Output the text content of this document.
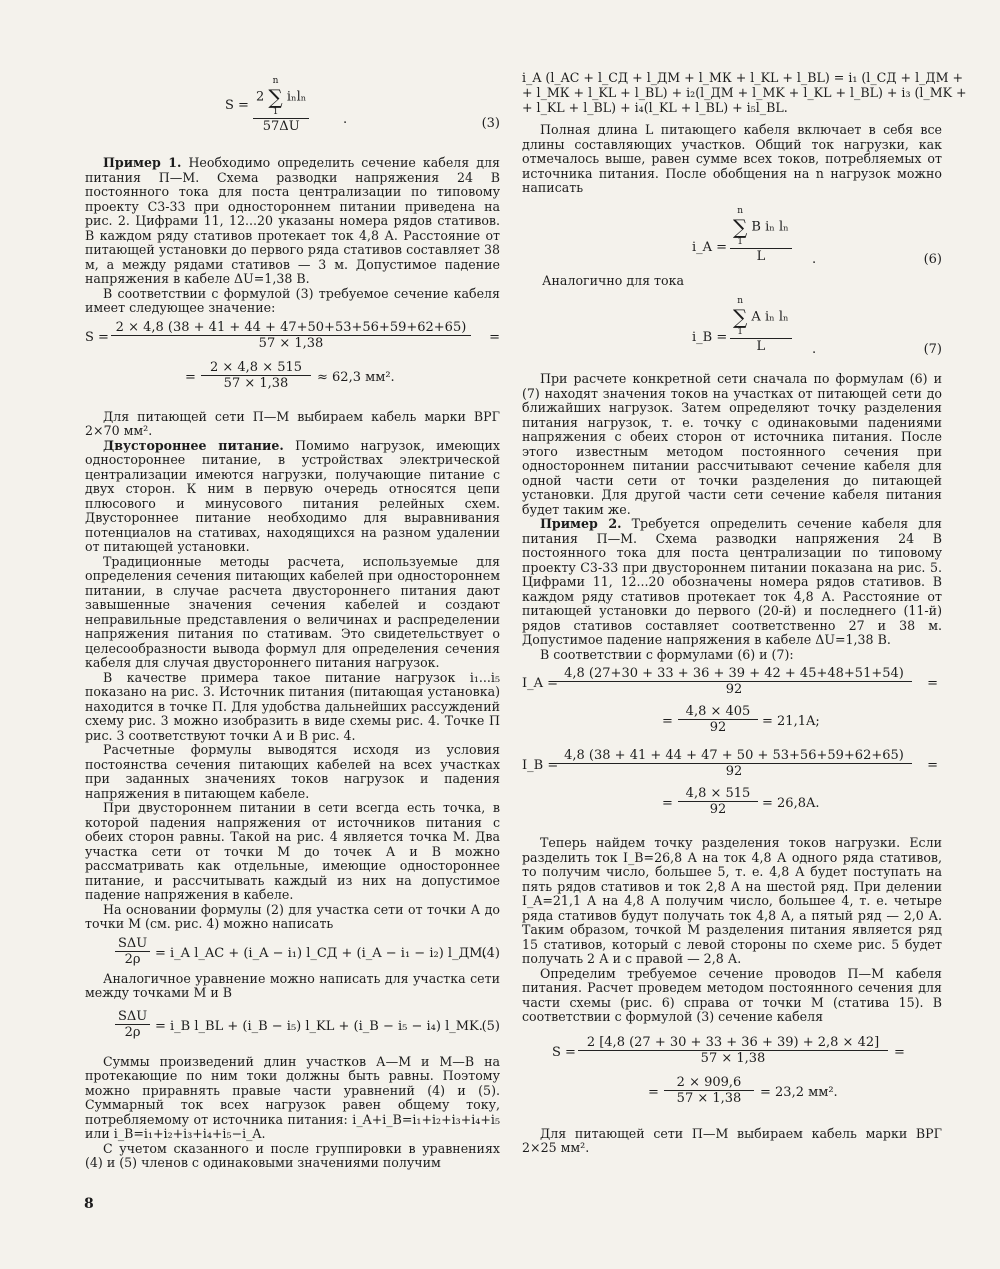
S =
2
n
∑
1
iₙlₙ
57ΔU	.	(3)

Пример 1. Необходимо определить сечение кабеля для питания П—М. Схема разводки напряжения 24 В постоянного тока для поста централизации по типовому проекту С3-33 при одностороннем питании приведена на рис. 2. Цифрами 11, 12...20 указаны номера рядов стативов. В каждом ряду стативов протекает ток 4,8 А. Расстояние от питающей установки до первого ряда стативов составляет 38 м, а между рядами стативов — 3 м. Допустимое падение напряжения в кабеле ΔU=1,38 В.

В соответствии с формулой (3) требуемое сечение кабеля имеет следующее значение:

$S = \frac{2 \times 4,8 (38 + 41 + 44 + 47+50+53+56+59+62+65)}{57 \times 1,38}$ =
= $\frac{2 \times 4,8 \times 515}{57 \times 1,38} \approx 62,3$ мм².

Для питающей сети П—М выбираем кабель марки ВРГ 2×70 мм².

Двустороннее питание. Помимо нагрузок, имеющих одностороннее питание, в устройствах электрической централизации имеются нагрузки, получающие питание с двух сторон. К ним в первую очередь относятся цепи плюсового и минусового питания релейных схем. Двустороннее питание необходимо для выравнивания потенциалов на стативах, находящихся на разном удалении от питающей установки.

Традиционные методы расчета, используемые для определения сечения питающих кабелей при одностороннем питании, в случае расчета двустороннего питания дают завышенные значения сечения кабелей и создают неправильные представления о величинах и распределении напряжения питания по стативам. Это свидетельствует о целесообразности вывода формул для определения сечения кабеля для случая двустороннего питания нагрузок.

В качестве примера такое питание нагрузок i₁...i₅ показано на рис. 3. Источник питания (питающая установка) находится в точке П. Для удобства дальнейших рассуждений схему рис. 3 можно изобразить в виде схемы рис. 4. Точке П рис. 3 соответствуют точки А и В рис. 4.

Расчетные формулы выводятся исходя из условия постоянства сечения питающих кабелей на всех участках при заданных значениях токов нагрузок и падения напряжения в питающем кабеле.

При двустороннем питании в сети всегда есть точка, в которой падения напряжения от источников питания с обеих сторон равны. Такой на рис. 4 является точка М. Два участка сети от точки М до точек А и В можно рассматривать как отдельные, имеющие одностороннее питание, и рассчитывать каждый из них на допустимое падение напряжения в кабеле.

На основании формулы (2) для участка сети от точки А до точки М (см. рис. 4) можно написать

SΔU
2ρ	= i_A l_AC + (i_A − i₁) l_СД + (i_A − i₁ − i₂) l_ДМ.
(4)

Аналогичное уравнение можно написать для участка сети между точками М и В

SΔU
2ρ	= i_B l_BL + (i_B − i₅) l_KL + (i_B − i₅ − i₄) l_MK.
(5)

Суммы произведений длин участков А—М и М—В на протекающие по ним токи должны быть равны. Поэтому можно приравнять правые части уравнений (4) и (5). Суммарный ток всех нагрузок равен общему току, потребляемому от источника питания: i_A+i_B=i₁+i₂+i₃+i₄+i₅ или i_B=i₁+i₂+i₃+i₄+i₅−i_A.

С учетом сказанного и после группировки в уравнениях (4) и (5) членов с одинаковыми значениями получим

i_A (l_AC + l_СД + l_ДМ + l_МК + l_KL + l_BL) = i₁ (l_СД + l_ДМ +
+ l_МК + l_KL + l_BL) + i₂(l_ДМ + l_MK + l_KL + l_BL) + i₃ (l_MK +
+ l_KL + l_BL) + i₄(l_KL + l_BL) + i₅l_BL.

Полная длина L питающего кабеля включает в себя все длины составляющих участков. Общий ток нагрузки, как отмечалось выше, равен сумме всех токов, потребляемых от источника питания. После обобщения на n нагрузок можно написать

i_A = n
∑
1
B iₙ lₙ
L .	(6)

Аналогично для тока

i_B = n
∑
1
A iₙ lₙ
L .	(7)

При расчете конкретной сети сначала по формулам (6) и (7) находят значения токов на участках от питающей сети до ближайших нагрузок. Затем определяют точку разделения питания нагрузок, т. е. точку с одинаковыми падениями напряжения с обеих сторон от источника питания. После этого известным методом постоянного сечения при одностороннем питании рассчитывают сечение кабеля для одной части сети от точки разделения до питающей установки. Для другой части сети сечение кабеля питания будет таким же.

Пример 2. Требуется определить сечение кабеля для питания П—М. Схема разводки напряжения 24 В постоянного тока для поста централизации по типовому проекту С3-33 при двустороннем питании показана на рис. 5. Цифрами 11, 12...20 обозначены номера рядов стативов. В каждом ряду стативов протекает ток 4,8 А. Расстояние от питающей установки до первого (20-й) и последнего (11-й) рядов стативов составляет соответственно 27 и 38 м. Допустимое падение напряжения в кабеле ΔU=1,38 В.

В соответствии с формулами (6) и (7):

I_A =
$\frac{4,8 (27+30 + 33 + 36 + 39 + 42 + 45+48+51+54)}{92}$ =
= $\frac{4,8 \times 405}{92} = 21,1A$;
I_B =
$\frac{4,8 (38 + 41 + 44 + 47 + 50 + 53+56+59+62+65)}{92}$ =
= $\frac{4,8 \times 515}{92} = 26,8A$.

Теперь найдем точку разделения токов нагрузки. Если разделить ток I_B=26,8 А на ток 4,8 А одного ряда стативов, то получим число, большее 5, т. е. 4,8 А будет поступать на пять рядов стативов и ток 2,8 А на шестой ряд. При делении I_A=21,1 А на 4,8 А получим число, большее 4, т. е. четыре ряда стативов будут получать ток 4,8 А, а пятый ряд — 2,0 А. Таким образом, точкой М разделения питания является ряд 15 стативов, который с левой стороны по схеме рис. 5 будет получать 2 А и с правой — 2,8 А.

Определим требуемое сечение проводов П—М кабеля питания. Расчет проведем методом постоянного сечения для части схемы (рис. 6) справа от точки М (статива 15). В соответствии с формулой (3) сечение кабеля

$S = \frac{2 [4,8 (27 + 30 + 33 + 36 + 39) + 2,8 \times 42]}{57 \times 1,38}$ =
= $\frac{2 \times 909,6}{57 \times 1,38} = 23,2$ мм².

Для питающей сети П—М выбираем кабель марки ВРГ 2×25 мм².

8
